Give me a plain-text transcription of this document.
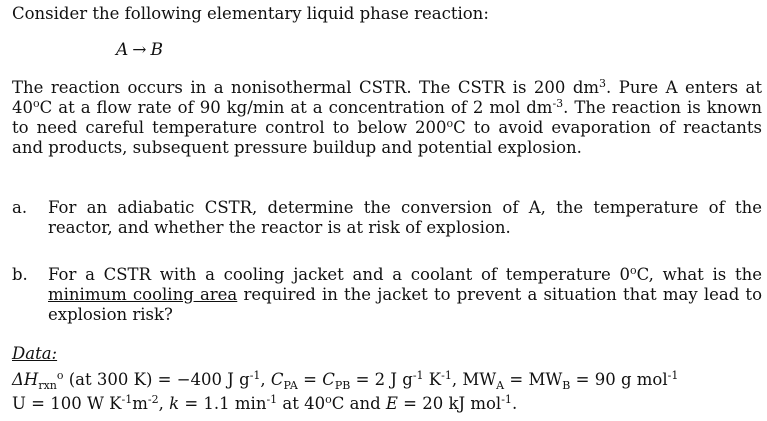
Consider the following elementary liquid phase reaction:
A → B
The reaction occurs in a nonisothermal CSTR. The CSTR is 200 $dm^3$. Pure A enters at 40$^o$C at a flow rate of 90 kg/min at a concentration of 2 mol $dm^{-3}$. The reaction is known to need careful temperature control to below 200$^o$C to avoid evaporation of reactants and products, subsequent pressure buildup and potential explosion.
a. For an adiabatic CSTR, determine the conversion of A, the temperature of the reactor, and whether the reactor is at risk of explosion.
b. For a CSTR with a cooling jacket and a coolant of temperature 0$^o$C, what is the minimum cooling area required in the jacket to prevent a situation that may lead to explosion risk?
Data:
$\Delta H_{rxn}^o$ (at 300 K) = −400 J $g^{-1}$, $C_{PA} = C_{PB} = 2$ J $g^{-1}$ $K^{-1}$, $MW_A = MW_B = 90$ g mol$^{-1}$
U = 100 W $K^{-1}m^{-2}$, k = 1.1 $\min^{-1}$ at 40$^o$C and E = 20 kJ mol$^{-1}$.
